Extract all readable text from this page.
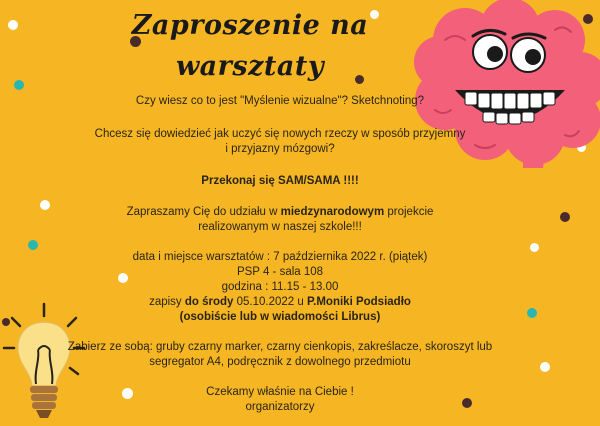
Zaproszenie na
warsztaty
Czy wiesz co to jest "Myślenie wizualne"? Sketchnoting?
Chcesz się dowiedzieć jak uczyć się nowych rzeczy w sposób przyjemny
i przyjazny mózgowi?
Przekonaj się SAM/SAMA !!!!
Zapraszamy Cię do udziału w miedzynarodowym projekcie
realizowanym w naszej szkole!!!
data i miejsce warsztatów : 7 października 2022 r. (piątek)
PSP 4 - sala 108
godzina : 11.15 - 13.00
zapisy do środy 05.10.2022 u P.Moniki Podsiadło
(osobiście lub w wiadomości Librus)
Zabierz ze sobą: gruby czarny marker, czarny cienkopis, zakreślacze, skoroszyt lub
segregator A4, podręcznik z dowolnego przedmiotu
Czekamy właśnie na Ciebie !
organizatorzy
